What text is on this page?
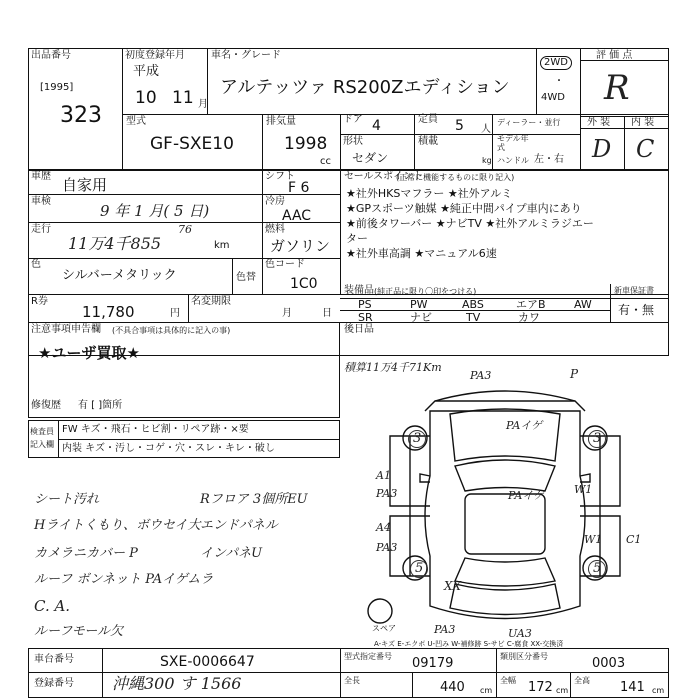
出品番号
[1995]
323
初度登録年月
平成
10 11 月
車名・グレード
アルテッツァ RS200Zエディション
2WD
・
4WD
評 価 点
R
外 装 内 装
D C
型式
GF-SXE10
排気量
1998
cc
ドア 4	定員 5 人
ディーラー・並行
モデル年式
形状
セダン
積載
kg ハンドル 左・右
車歴 自家用
車検
9 年 1 月( 5 日)
走行
11万4千855
76
km
色
シルバーメタリック	色替
シフト
F 6
冷房
AAC
燃料
ガソリン
色コード
1C0
R券
11,780	円
名変期限
月	日
セールスポイント
(正常に機能するものに限り記入)
★社外HKSマフラー ★社外アルミ
★GPスポーツ触媒 ★純正中間パイプ車内にあり
★前後タワーバー ★ナビTV ★社外アルミラジエー
ター
★社外車高調 ★マニュアル6速
装備品 (純正品に限り〇印をつける)	新車保証書
有・無
PS	PW	ABS	エアB	AW
SR	ナビ	TV	カワ
後日品
注意事項申告欄 (不具合事項は具体的に記入の事)
★ユーザ買取★
修復歴 有 [ ]箇所
検査員
記入欄
FW キズ・飛石・ヒビ割・リペア跡・×要
内装 キズ・汚し・コゲ・穴・スレ・キレ・破し
積算11万4千71Km
PA3	P
PAイゲ
3	3
PAイゲ
A1
PA3	W1
A4
PA3
W1 C1
5
XX
5
PA3	UA3
スペア
A-キズ E-エクボ U-凹み W-補修跡 S-サビ C-腐食 XX-交換済
シート汚れ
Hライトくもり、ボウセイ大
カメラニカバー P
ルーフ ボンネット PAイゲムラ
C. A.
ルーフモール欠
Rフロア 3個所EU
エンドパネル
インパネU
車台番号	SXE-0006647
登録番号 沖縄300 す 1566
型式指定番号 09179	類別区分番号	0003
全長	440 cm
全幅 172 cm
全高 141 cm
